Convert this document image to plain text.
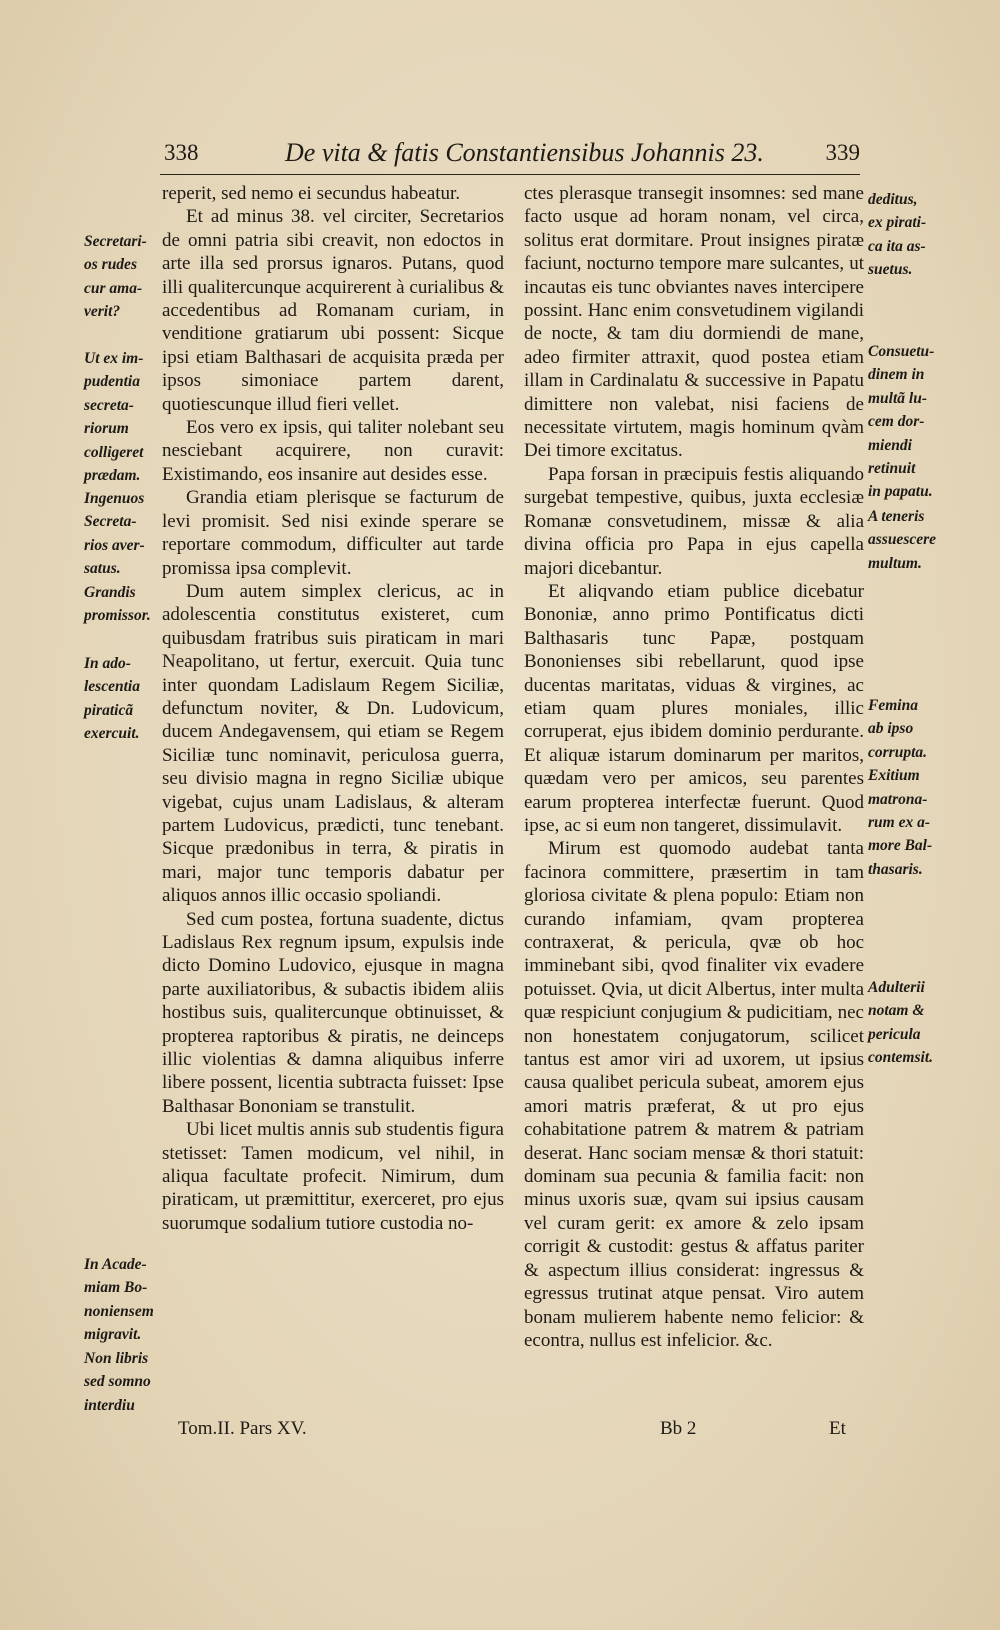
338	De vita & fatis Constantiensibus Johannis 23.	339
Secretari-
os rudes
cur ama-
verit?
Ut ex im-
pudentia
secreta-
riorum
colligeret
prædam.
Ingenuos
Secreta-
rios aver-
satus.
Grandis
promissor.
In ado-
lescentia
piraticã
exercuit.
In Acade-
miam Bo-
noniensem
migravit.
Non libris
sed somno
interdiu

reperit, sed nemo ei secundus habeatur.

Et ad minus 38. vel circiter, Secretarios de omni patria sibi creavit, non edoctos in arte illa sed prorsus ignaros. Putans, quod illi qualitercunque acquirerent à curialibus & accedentibus ad Romanam curiam, in venditione gratiarum ubi possent: Sicque ipsi etiam Balthasari de acquisita præda per ipsos simoniace partem darent, quotiescunque illud fieri vellet.

Eos vero ex ipsis, qui taliter nolebant seu nesciebant acquirere, non curavit: Existimando, eos insanire aut desides esse.

Grandia etiam plerisque se facturum de levi promisit. Sed nisi exinde sperare se reportare commodum, difficulter aut tarde promissa ipsa complevit.

Dum autem simplex clericus, ac in adolescentia constitutus existeret, cum quibusdam fratribus suis piraticam in mari Neapolitano, ut fertur, exercuit. Quia tunc inter quondam Ladislaum Regem Siciliæ, defunctum noviter, & Dn. Ludovicum, ducem Andegavensem, qui etiam se Regem Siciliæ tunc nominavit, periculosa guerra, seu divisio magna in regno Siciliæ ubique vigebat, cujus unam Ladislaus, & alteram partem Ludovicus, prædicti, tunc tenebant. Sicque prædonibus in terra, & piratis in mari, major tunc temporis dabatur per aliquos annos illic occasio spoliandi.

Sed cum postea, fortuna suadente, dictus Ladislaus Rex regnum ipsum, expulsis inde dicto Domino Ludovico, ejusque in magna parte auxiliatoribus, & subactis ibidem aliis hostibus suis, qualitercunque obtinuisset, & propterea raptoribus & piratis, ne deinceps illic violentias & damna aliquibus inferre libere possent, licentia subtracta fuisset: Ipse Balthasar Bononiam se transtulit.

Ubi licet multis annis sub studentis figura stetisset: Tamen modicum, vel nihil, in aliqua facultate profecit. Nimirum, dum piraticam, ut præmittitur, exerceret, pro ejus suorumque sodalium tutiore custodia no-

ctes plerasque transegit insomnes: sed mane facto usque ad horam nonam, vel circa, solitus erat dormitare. Prout insignes piratæ faciunt, nocturno tempore mare sulcantes, ut incautas eis tunc obviantes naves intercipere possint. Hanc enim consvetudinem vigilandi de nocte, & tam diu dormiendi de mane, adeo firmiter attraxit, quod postea etiam illam in Cardinalatu & successive in Papatu dimittere non valebat, nisi faciens de necessitate virtutem, magis hominum qvàm Dei timore excitatus.

Papa forsan in præcipuis festis aliquando surgebat tempestive, quibus, juxta ecclesiæ Romanæ consvetudinem, missæ & alia divina officia pro Papa in ejus capella majori dicebantur.

Et aliqvando etiam publice dicebatur Bononiæ, anno primo Pontificatus dicti Balthasaris tunc Papæ, postquam Bononienses sibi rebellarunt, quod ipse ducentas maritatas, viduas & virgines, ac etiam quam plures moniales, illic corruperat, ejus ibidem dominio perdurante. Et aliquæ istarum dominarum per maritos, quædam vero per amicos, seu parentes earum propterea interfectæ fuerunt. Quod ipse, ac si eum non tangeret, dissimulavit.

Mirum est quomodo audebat tanta facinora committere, præsertim in tam gloriosa civitate & plena populo: Etiam non curando infamiam, qvam propterea contraxerat, & pericula, qvæ ob hoc imminebant sibi, qvod finaliter vix evadere potuisset. Qvia, ut dicit Albertus, inter multa quæ respiciunt conjugium & pudicitiam, nec non honestatem conjugatorum, scilicet tantus est amor viri ad uxorem, ut ipsius causa qualibet pericula subeat, amorem ejus amori matris præferat, & ut pro ejus cohabitatione patrem & matrem & patriam deserat. Hanc sociam mensæ & thori statuit: dominam sua pecunia & familia facit: non minus uxoris suæ, qvam sui ipsius causam vel curam gerit: ex amore & zelo ipsam corrigit & custodit: gestus & affatus pariter & aspectum illius considerat: ingressus & egressus trutinat atque pensat. Viro autem bonam mulierem habente nemo felicior: & econtra, nullus est infelicior. &c.

deditus,
ex pirati-
ca ita as-
suetus.
Consuetu-
dinem in
multã lu-
cem dor-
miendi
retinuit
in papatu.
A teneris
assuescere
multum.
Femina
ab ipso
corrupta.
Exitium
matrona-
rum ex a-
more Bal-
thasaris.
Adulterii
notam &
pericula
contemsit.
Tom.II. Pars XV.	Bb 2	Et
